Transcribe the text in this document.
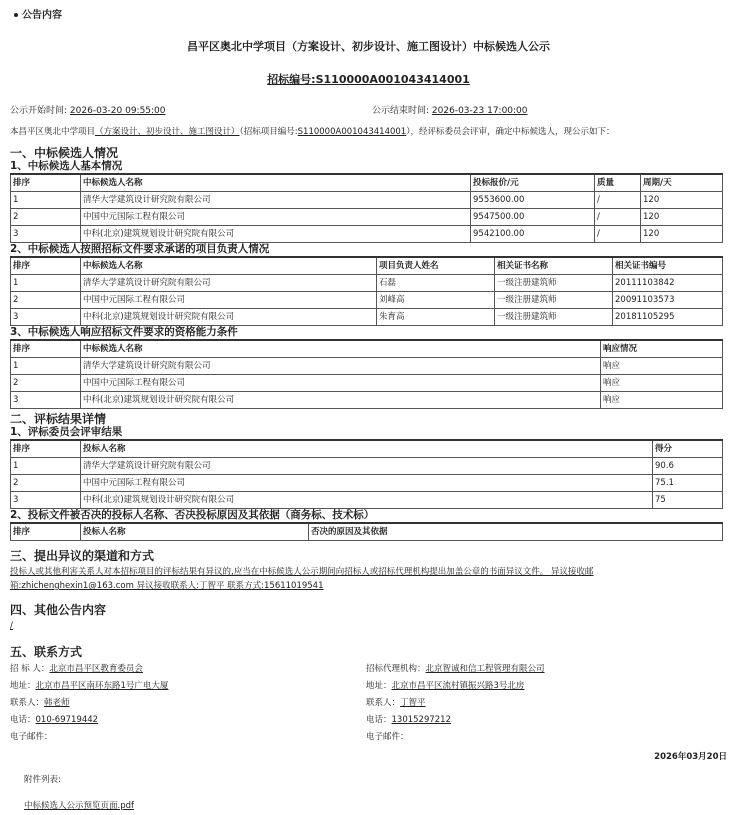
公告内容
昌平区奥北中学项目（方案设计、初步设计、施工图设计）中标候选人公示
招标编号:S110000A001043414001
公示开始时间: 2026-03-20 09:55:00	公示结束时间: 2026-03-23 17:00:00
本昌平区奥北中学项目（方案设计、初步设计、施工图设计）（招标项目编号:S110000A001043414001），经评标委员会评审，确定中标候选人，现公示如下：
一、中标候选人情况
1、中标候选人基本情况
排序	中标候选人名称	投标报价/元	质量	周期/天
1	清华大学建筑设计研究院有限公司	9553600.00	/	120
2	中国中元国际工程有限公司	9547500.00	/	120
3	中科(北京)建筑规划设计研究院有限公司	9542100.00	/	120
2、中标候选人按照招标文件要求承诺的项目负责人情况
排序	中标候选人名称	项目负责人姓名	相关证书名称	相关证书编号
1	清华大学建筑设计研究院有限公司	石磊	一级注册建筑师	20111103842
2	中国中元国际工程有限公司	刘峰高	一级注册建筑师	20091103573
3	中科(北京)建筑规划设计研究院有限公司	朱育高	一级注册建筑师	20181105295
3、中标候选人响应招标文件要求的资格能力条件
排序	中标候选人名称	响应情况
1	清华大学建筑设计研究院有限公司	响应
2	中国中元国际工程有限公司	响应
3	中科(北京)建筑规划设计研究院有限公司	响应
二、评标结果详情
1、评标委员会评审结果
排序	投标人名称	得分
1	清华大学建筑设计研究院有限公司	90.6
2	中国中元国际工程有限公司	75.1
3	中科(北京)建筑规划设计研究院有限公司	75
2、投标文件被否决的投标人名称、否决投标原因及其依据（商务标、技术标）
排序	投标人名称	否决的原因及其依据
三、提出异议的渠道和方式
投标人或其他利害关系人对本招标项目的评标结果有异议的,应当在中标候选人公示期间向招标人或招标代理机构提出加盖公章的书面异议文件。 异议接收邮
箱:zhichenghexin1@163.com 异议接收联系人:丁智平 联系方式:15611019541
四、其他公告内容
/
五、联系方式
招 标 人：北京市昌平区教育委员会
地址：北京市昌平区南环东路1号广电大厦
联系人：韩老师
电话：010-69719442
电子邮件：
招标代理机构：北京智诚和信工程管理有限公司
地址：北京市昌平区流村镇振兴路3号北房
联系人：丁智平
电话：13015297212
电子邮件：
2026年03月20日
附件列表:
中标候选人公示预览页面.pdf
